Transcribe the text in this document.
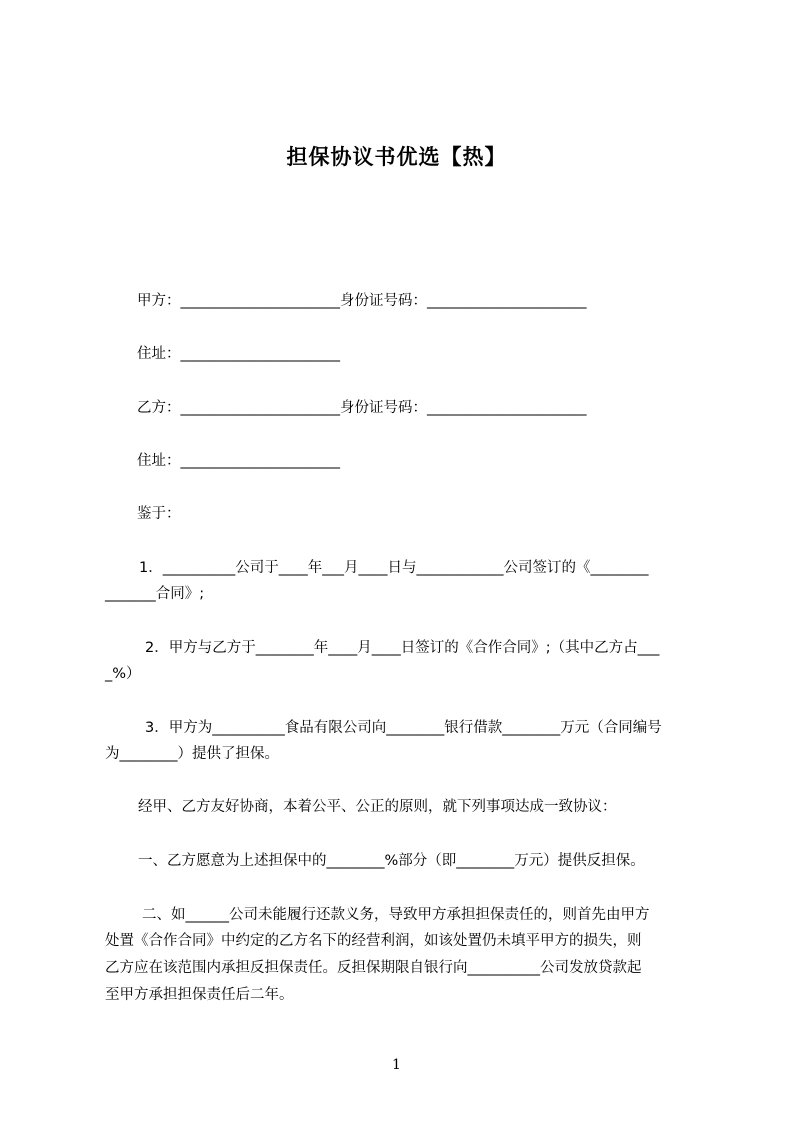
担保协议书优选【热】
甲方：______________________身份证号码：______________________
住址：______________________
乙方：______________________身份证号码：______________________
住址：______________________
鉴于：
1．__________公司于____年___月____日与____________公司签订的《________
_______合同》;
2．甲方与乙方于________年____月____日签订的《合作合同》;（其中乙方占___
_%）
3．甲方为__________食品有限公司向________银行借款________万元（合同编号
为________）提供了担保。
经甲、乙方友好协商，本着公平、公正的原则，就下列事项达成一致协议：
一、乙方愿意为上述担保中的________%部分（即________万元）提供反担保。
二、如______公司未能履行还款义务，导致甲方承担担保责任的，则首先由甲方
处置《合作合同》中约定的乙方名下的经营利润，如该处置仍未填平甲方的损失，则
乙方应在该范围内承担反担保责任。反担保期限自银行向__________公司发放贷款起
至甲方承担担保责任后二年。
1
